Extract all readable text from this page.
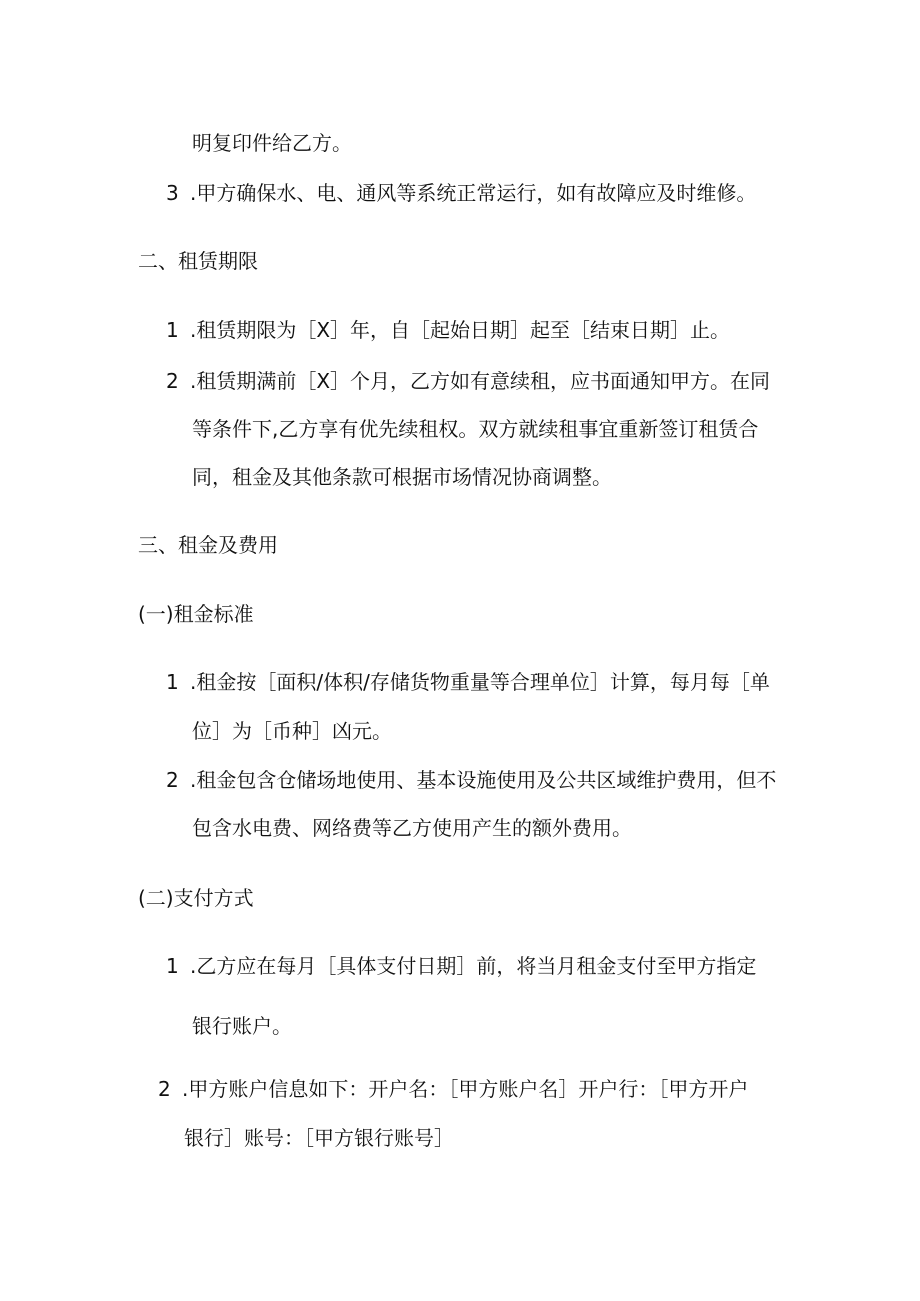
明复印件给乙方。
3 .甲方确保水、电、通风等系统正常运行，如有故障应及时维修。
二、租赁期限
1 .租赁期限为［X］年，自［起始日期］起至［结束日期］止。
2 .租赁期满前［X］个月，乙方如有意续租，应书面通知甲方。在同
等条件下,乙方享有优先续租权。双方就续租事宜重新签订租赁合
同，租金及其他条款可根据市场情况协商调整。
三、租金及费用
(一)租金标准
1 .租金按［面积/体积/存储货物重量等合理单位］计算，每月每［单
位］为［币种］凶元。
2 .租金包含仓储场地使用、基本设施使用及公共区域维护费用，但不
包含水电费、网络费等乙方使用产生的额外费用。
(二)支付方式
1 .乙方应在每月［具体支付日期］前，将当月租金支付至甲方指定
银行账户。
2 .甲方账户信息如下：开户名：［甲方账户名］开户行：［甲方开户
银行］账号：［甲方银行账号］
